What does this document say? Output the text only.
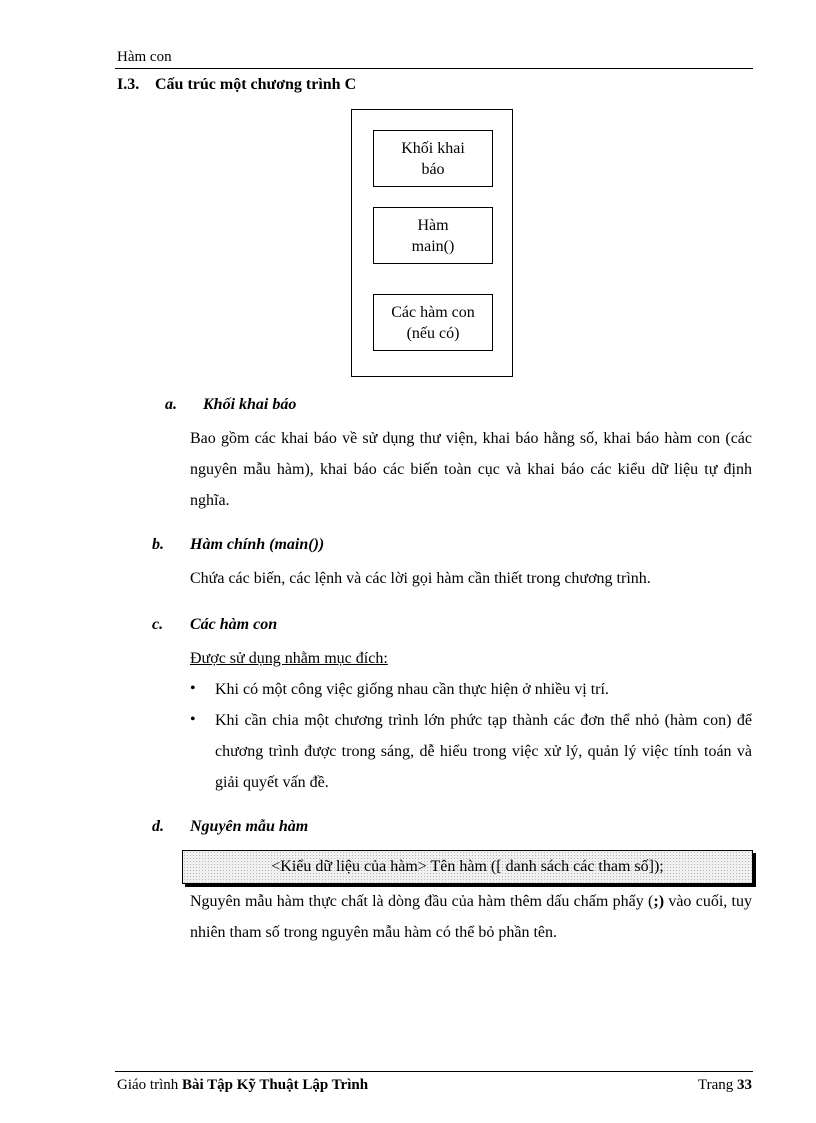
Hàm con
I.3. Cấu trúc một chương trình C
Khối khai
báo
Hàm
main()
Các hàm con
(nếu có)
a. Khối khai báo
Bao gồm các khai báo về sử dụng thư viện, khai báo hằng số, khai báo hàm con (các nguyên mẫu hàm), khai báo các biến toàn cục và khai báo các kiểu dữ liệu tự định nghĩa.
b. Hàm chính (main())
Chứa các biến, các lệnh và các lời gọi hàm cần thiết trong chương trình.
c. Các hàm con
Được sử dụng nhằm mục đích:
• Khi có một công việc giống nhau cần thực hiện ở nhiều vị trí.
• Khi cần chia một chương trình lớn phức tạp thành các đơn thể nhỏ (hàm con) để chương trình được trong sáng, dễ hiểu trong việc xử lý, quản lý việc tính toán và giải quyết vấn đề.
d. Nguyên mẫu hàm
<Kiểu dữ liệu của hàm> Tên hàm ([ danh sách các tham số]);
Nguyên mẫu hàm thực chất là dòng đầu của hàm thêm dấu chấm phẩy (;) vào cuối, tuy nhiên tham số trong nguyên mẫu hàm có thể bỏ phần tên.
Giáo trình Bài Tập Kỹ Thuật Lập Trình	Trang 33
